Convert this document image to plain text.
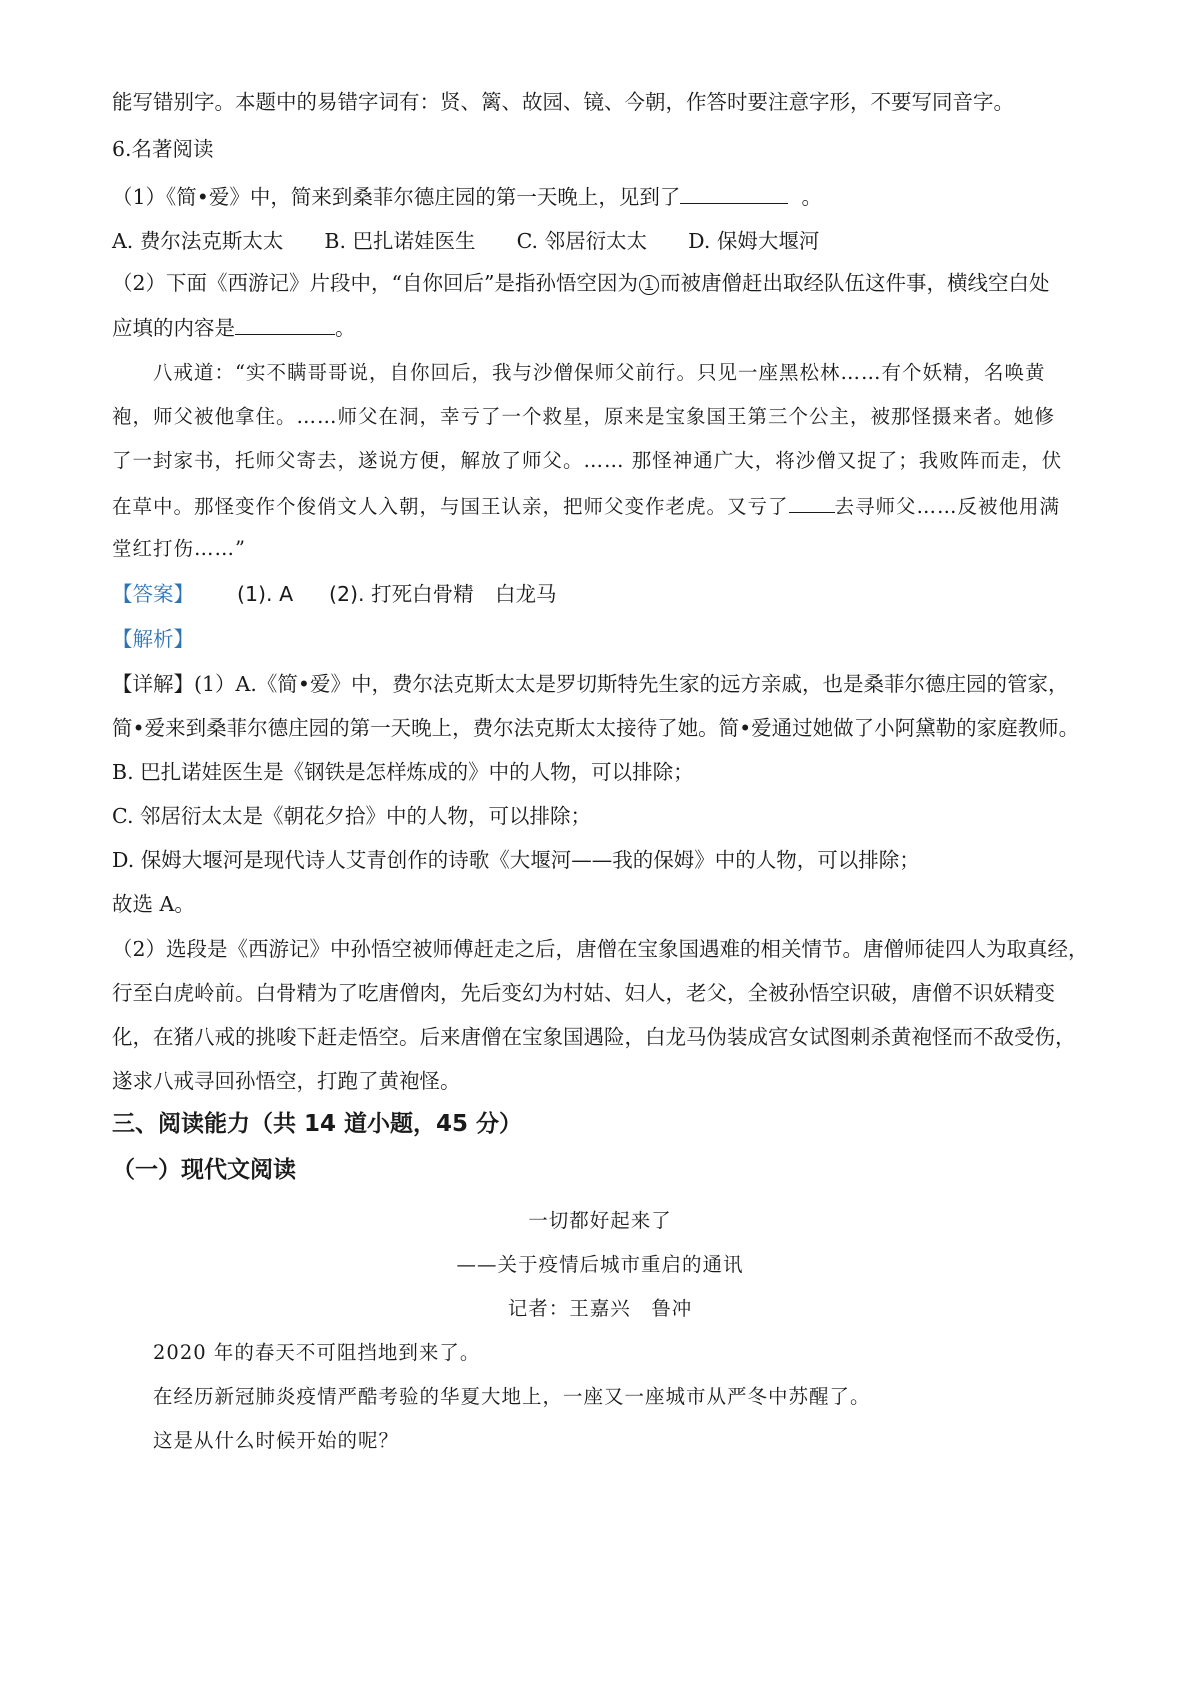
能写错别字。本题中的易错字词有：贤、篱、故园、镜、今朝，作答时要注意字形，不要写同音字。
6.名著阅读
（1）《简•爱》中，简来到桑菲尔德庄园的第一天晚上，见到了	。
A. 费尔法克斯太太 B. 巴扎诺娃医生 C. 邻居衍太太 D. 保姆大堰河
（2）下面《西游记》片段中，“自你回后”是指孙悟空因为 1 而被唐僧赶出取经队伍这件事，横线空白处
应填的内容是	。
八戒道：“实不瞒哥哥说，自你回后，我与沙僧保师父前行。只见一座黑松林……有个妖精，名唤黄
袍，师父被他拿住。……师父在洞，幸亏了一个救星，原来是宝象国王第三个公主，被那怪摄来者。她修
了一封家书，托师父寄去，遂说方便，解放了师父。…… 那怪神通广大，将沙僧又捉了；我败阵而走，伏
在草中。那怪变作个俊俏文人入朝，与国王认亲，把师父变作老虎。又亏了 去寻师父……反被他用满
堂红打伤……”
【答案】 (1). A (2). 打死白骨精 白龙马
【解析】
【详解】(1）A.《简•爱》中，费尔法克斯太太是罗切斯特先生家的远方亲戚，也是桑菲尔德庄园的管家，
简•爱来到桑菲尔德庄园的第一天晚上，费尔法克斯太太接待了她。简•爱通过她做了小阿黛勒的家庭教师。
B. 巴扎诺娃医生是《钢铁是怎样炼成的》中的人物，可以排除；
C. 邻居衍太太是《朝花夕拾》中的人物，可以排除；
D. 保姆大堰河是现代诗人艾青创作的诗歌《大堰河——我的保姆》中的人物，可以排除；
故选 A。
（2）选段是《西游记》中孙悟空被师傅赶走之后，唐僧在宝象国遇难的相关情节。唐僧师徒四人为取真经，
行至白虎岭前。白骨精为了吃唐僧肉，先后变幻为村姑、妇人，老父，全被孙悟空识破，唐僧不识妖精变
化，在猪八戒的挑唆下赶走悟空。后来唐僧在宝象国遇险，白龙马伪装成宫女试图刺杀黄袍怪而不敌受伤，
遂求八戒寻回孙悟空，打跑了黄袍怪。
三、阅读能力（共 14 道小题，45 分）
（一）现代文阅读
一切都好起来了
——关于疫情后城市重启的通讯
记者：王嘉兴　鲁冲
2020 年的春天不可阻挡地到来了。
在经历新冠肺炎疫情严酷考验的华夏大地上，一座又一座城市从严冬中苏醒了。
这是从什么时候开始的呢？
